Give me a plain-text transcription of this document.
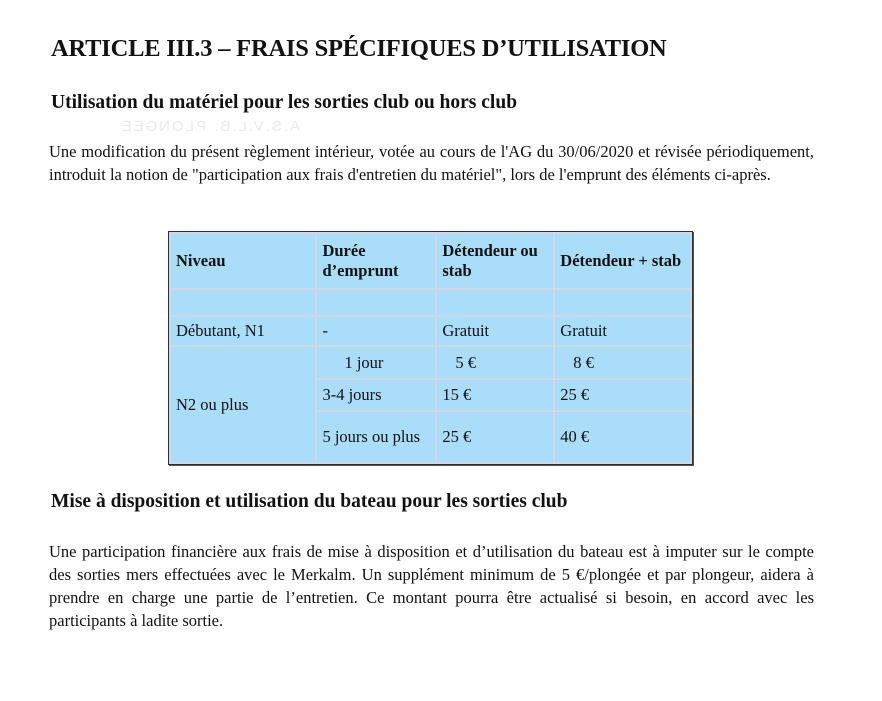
ARTICLE III.3 – FRAIS SPÉCIFIQUES D’UTILISATION
Utilisation du matériel pour les sorties club ou hors club
A.S.V.L.B. PLONGEE

Une modification du présent règlement intérieur, votée au cours de l'AG du 30/06/2020 et révisée périodiquement, introduit la notion de "participation aux frais d'entretien du matériel", lors de l'emprunt des éléments ci-après.

Niveau	Durée d’emprunt	Détendeur ou stab	Détendeur + stab

Débutant, N1	-	Gratuit	Gratuit
N2 ou plus	1 jour	5 €	8 €
	3-4 jours	15 €	25 €
	5 jours ou plus	25 €	40 €
Mise à disposition et utilisation du bateau pour les sorties club

Une participation financière aux frais de mise à disposition et d’utilisation du bateau est à imputer sur le compte des sorties mers effectuées avec le Merkalm. Un supplément minimum de 5 €/plongée et par plongeur, aidera à prendre en charge une partie de l’entretien. Ce montant pourra être actualisé si besoin, en accord avec les participants à ladite sortie.
